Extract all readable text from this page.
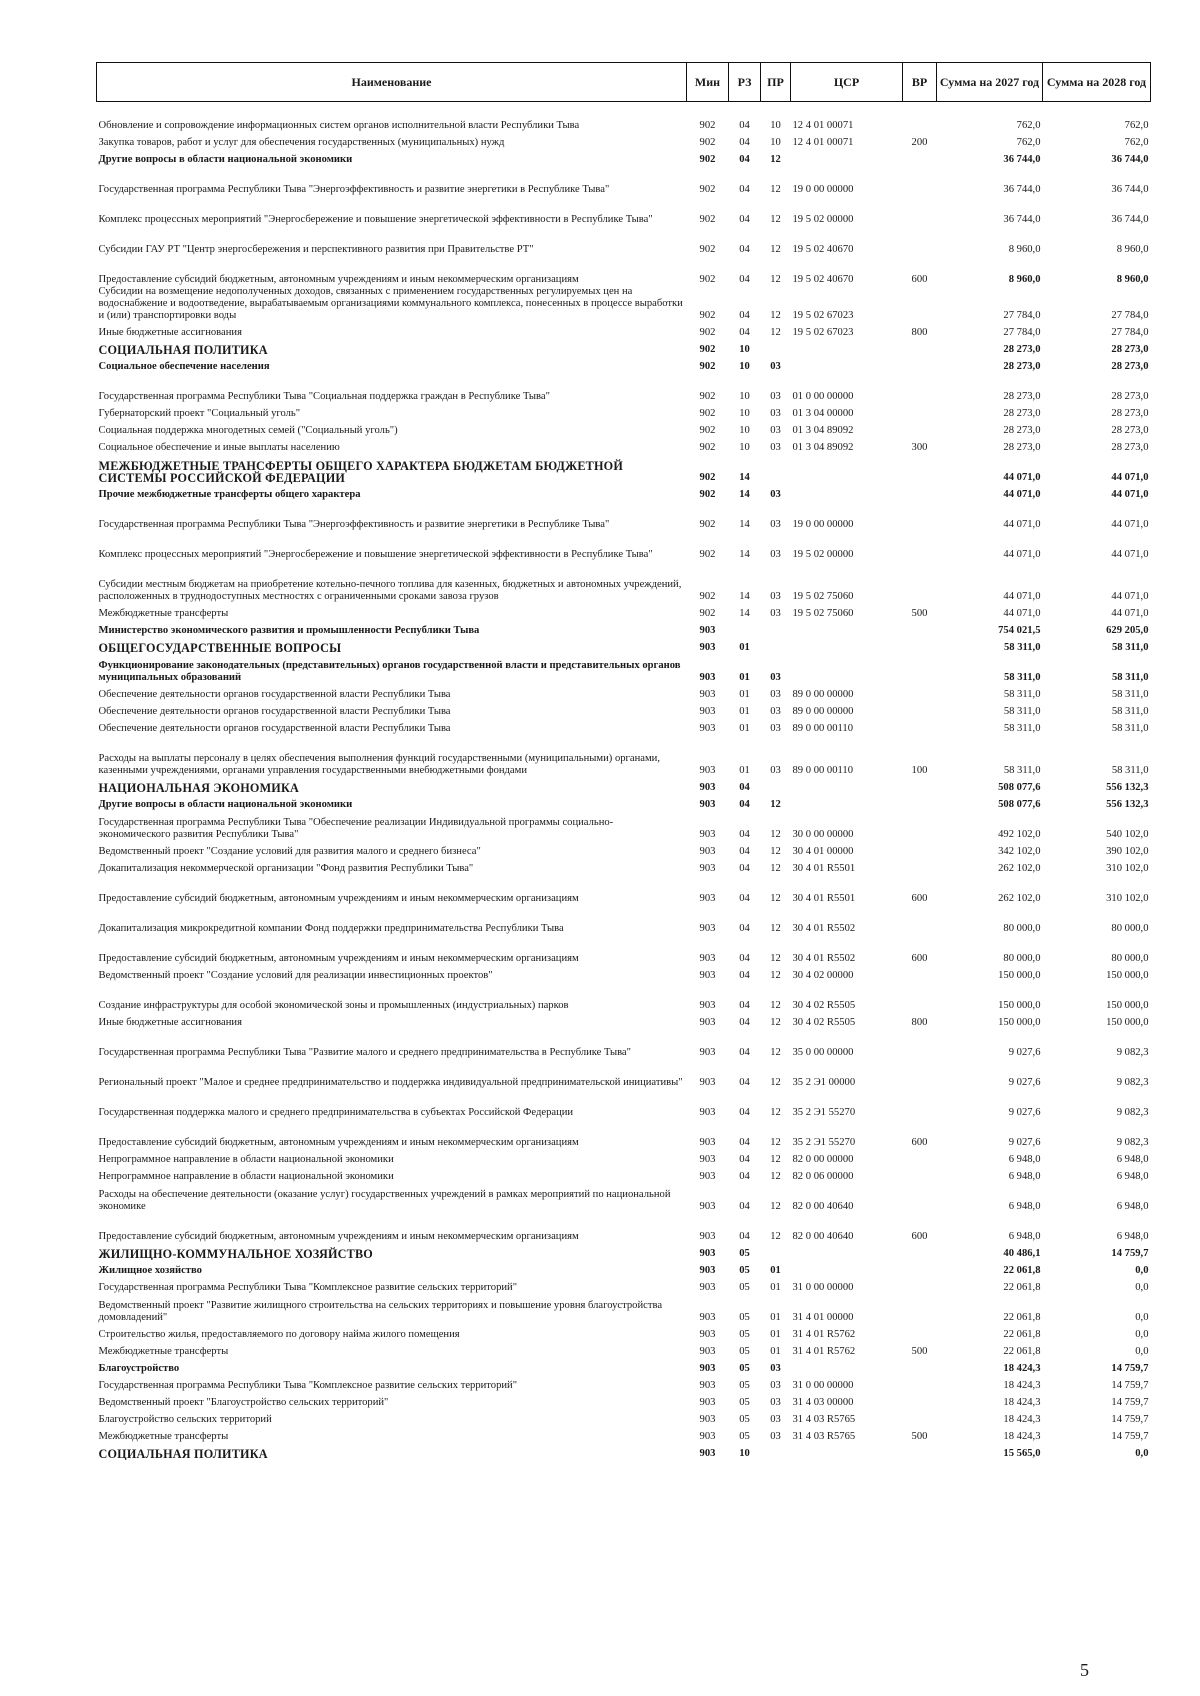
Наименование	Мин	РЗ	ПР	ЦСР	ВР	Сумма на 2027 год	Сумма на 2028 год
Обновление и сопровождение информационных систем органов исполнительной власти Республики Тыва	902	04	10	12 4 01 00071		762,0	762,0
Закупка товаров, работ и услуг для обеспечения государственных (муниципальных) нужд	902	04	10	12 4 01 00071	200	762,0	762,0
Другие вопросы в области национальной экономики	902	04	12			36 744,0	36 744,0
Государственная программа Республики Тыва "Энергоэффективность и развитие энергетики в Республике Тыва"	902	04	12	19 0 00 00000		36 744,0	36 744,0
Комплекс процессных мероприятий "Энергосбережение и повышение энергетической эффективности в Республике Тыва"	902	04	12	19 5 02 00000		36 744,0	36 744,0
Субсидии ГАУ РТ "Центр энергосбережения и перспективного развития при Правительстве РТ"	902	04	12	19 5 02 40670		8 960,0	8 960,0
Предоставление субсидий бюджетным, автономным учреждениям и иным некоммерческим организациям	902	04	12	19 5 02 40670	600	8 960,0	8 960,0
Субсидии на возмещение недополученных доходов, связанных с применением государственных регулируемых цен на водоснабжение и водоотведение, вырабатываемым организациями коммунального комплекса, понесенных в процессе выработки и (или) транспортировки воды	902	04	12	19 5 02 67023		27 784,0	27 784,0
Иные бюджетные ассигнования	902	04	12	19 5 02 67023	800	27 784,0	27 784,0
СОЦИАЛЬНАЯ ПОЛИТИКА	902	10				28 273,0	28 273,0
Социальное обеспечение населения	902	10	03			28 273,0	28 273,0
Государственная программа Республики Тыва "Социальная поддержка граждан в Республике Тыва"	902	10	03	01 0 00 00000		28 273,0	28 273,0
Губернаторский проект "Социальный уголь"	902	10	03	01 3 04 00000		28 273,0	28 273,0
Социальная поддержка многодетных семей ("Социальный уголь")	902	10	03	01 3 04 89092		28 273,0	28 273,0
Социальное обеспечение и иные выплаты населению	902	10	03	01 3 04 89092	300	28 273,0	28 273,0
МЕЖБЮДЖЕТНЫЕ ТРАНСФЕРТЫ ОБЩЕГО ХАРАКТЕРА БЮДЖЕТАМ БЮДЖЕТНОЙ СИСТЕМЫ РОССИЙСКОЙ ФЕДЕРАЦИИ	902	14				44 071,0	44 071,0
Прочие межбюджетные трансферты общего характера	902	14	03			44 071,0	44 071,0
Государственная программа Республики Тыва "Энергоэффективность и развитие энергетики в Республике Тыва"	902	14	03	19 0 00 00000		44 071,0	44 071,0
Комплекс процессных мероприятий "Энергосбережение и повышение энергетической эффективности в Республике Тыва"	902	14	03	19 5 02 00000		44 071,0	44 071,0
Субсидии местным бюджетам на приобретение котельно-печного топлива для казенных, бюджетных и автономных учреждений, расположенных в труднодоступных местностях с ограниченными сроками завоза грузов	902	14	03	19 5 02 75060		44 071,0	44 071,0
Межбюджетные трансферты	902	14	03	19 5 02 75060	500	44 071,0	44 071,0
Министерство экономического развития и промышленности Республики Тыва	903					754 021,5	629 205,0
ОБЩЕГОСУДАРСТВЕННЫЕ ВОПРОСЫ	903	01				58 311,0	58 311,0
Функционирование законодательных (представительных) органов государственной власти и представительных органов муниципальных образований	903	01	03			58 311,0	58 311,0
Обеспечение деятельности органов государственной власти Республики Тыва	903	01	03	89 0 00 00000		58 311,0	58 311,0
Обеспечение деятельности органов государственной власти Республики Тыва	903	01	03	89 0 00 00000		58 311,0	58 311,0
Обеспечение деятельности органов государственной власти Республики Тыва	903	01	03	89 0 00 00110		58 311,0	58 311,0
Расходы на выплаты персоналу в целях обеспечения выполнения функций государственными (муниципальными) органами, казенными учреждениями, органами управления государственными внебюджетными фондами	903	01	03	89 0 00 00110	100	58 311,0	58 311,0
НАЦИОНАЛЬНАЯ ЭКОНОМИКА	903	04				508 077,6	556 132,3
Другие вопросы в области национальной экономики	903	04	12			508 077,6	556 132,3
Государственная программа Республики Тыва "Обеспечение реализации Индивидуальной программы социально-экономического развития Республики Тыва"	903	04	12	30 0 00 00000		492 102,0	540 102,0
Ведомственный проект "Создание условий для развития малого и среднего бизнеса"	903	04	12	30 4 01 00000		342 102,0	390 102,0
Докапитализация некоммерческой организации "Фонд развития Республики Тыва"	903	04	12	30 4 01 R5501		262 102,0	310 102,0
Предоставление субсидий бюджетным, автономным учреждениям и иным некоммерческим организациям	903	04	12	30 4 01 R5501	600	262 102,0	310 102,0
Докапитализация микрокредитной компании Фонд поддержки предпринимательства Республики Тыва	903	04	12	30 4 01 R5502		80 000,0	80 000,0
Предоставление субсидий бюджетным, автономным учреждениям и иным некоммерческим организациям	903	04	12	30 4 01 R5502	600	80 000,0	80 000,0
Ведомственный проект "Создание условий для реализации инвестиционных проектов"	903	04	12	30 4 02 00000		150 000,0	150 000,0
Создание инфраструктуры для особой экономической зоны и промышленных (индустриальных) парков	903	04	12	30 4 02 R5505		150 000,0	150 000,0
Иные бюджетные ассигнования	903	04	12	30 4 02 R5505	800	150 000,0	150 000,0
Государственная программа Республики Тыва "Развитие малого и среднего предпринимательства в Республике Тыва"	903	04	12	35 0 00 00000		9 027,6	9 082,3
Региональный проект "Малое и среднее предпринимательство и поддержка индивидуальной предпринимательской инициативы"	903	04	12	35 2 Э1 00000		9 027,6	9 082,3
Государственная поддержка малого и среднего предпринимательства в субъектах Российской Федерации	903	04	12	35 2 Э1 55270		9 027,6	9 082,3
Предоставление субсидий бюджетным, автономным учреждениям и иным некоммерческим организациям	903	04	12	35 2 Э1 55270	600	9 027,6	9 082,3
Непрограммное направление в области национальной экономики	903	04	12	82 0 00 00000		6 948,0	6 948,0
Непрограммное направление в области национальной экономики	903	04	12	82 0 06 00000		6 948,0	6 948,0
Расходы на обеспечение деятельности (оказание услуг) государственных учреждений в рамках мероприятий по национальной экономике	903	04	12	82 0 00 40640		6 948,0	6 948,0
Предоставление субсидий бюджетным, автономным учреждениям и иным некоммерческим организациям	903	04	12	82 0 00 40640	600	6 948,0	6 948,0
ЖИЛИЩНО-КОММУНАЛЬНОЕ ХОЗЯЙСТВО	903	05				40 486,1	14 759,7
Жилищное хозяйство	903	05	01			22 061,8	0,0
Государственная программа Республики Тыва "Комплексное развитие сельских территорий"	903	05	01	31 0 00 00000		22 061,8	0,0
Ведомственный проект "Развитие жилищного строительства на сельских территориях и повышение уровня благоустройства домовладений"	903	05	01	31 4 01 00000		22 061,8	0,0
Строительство жилья, предоставляемого по договору найма жилого помещения	903	05	01	31 4 01 R5762		22 061,8	0,0
Межбюджетные трансферты	903	05	01	31 4 01 R5762	500	22 061,8	0,0
Благоустройство	903	05	03			18 424,3	14 759,7
Государственная программа Республики Тыва "Комплексное развитие сельских территорий"	903	05	03	31 0 00 00000		18 424,3	14 759,7
Ведомственный проект "Благоустройство сельских территорий"	903	05	03	31 4 03 00000		18 424,3	14 759,7
Благоустройство сельских территорий	903	05	03	31 4 03 R5765		18 424,3	14 759,7
Межбюджетные трансферты	903	05	03	31 4 03 R5765	500	18 424,3	14 759,7
СОЦИАЛЬНАЯ ПОЛИТИКА	903	10				15 565,0	0,0
5
